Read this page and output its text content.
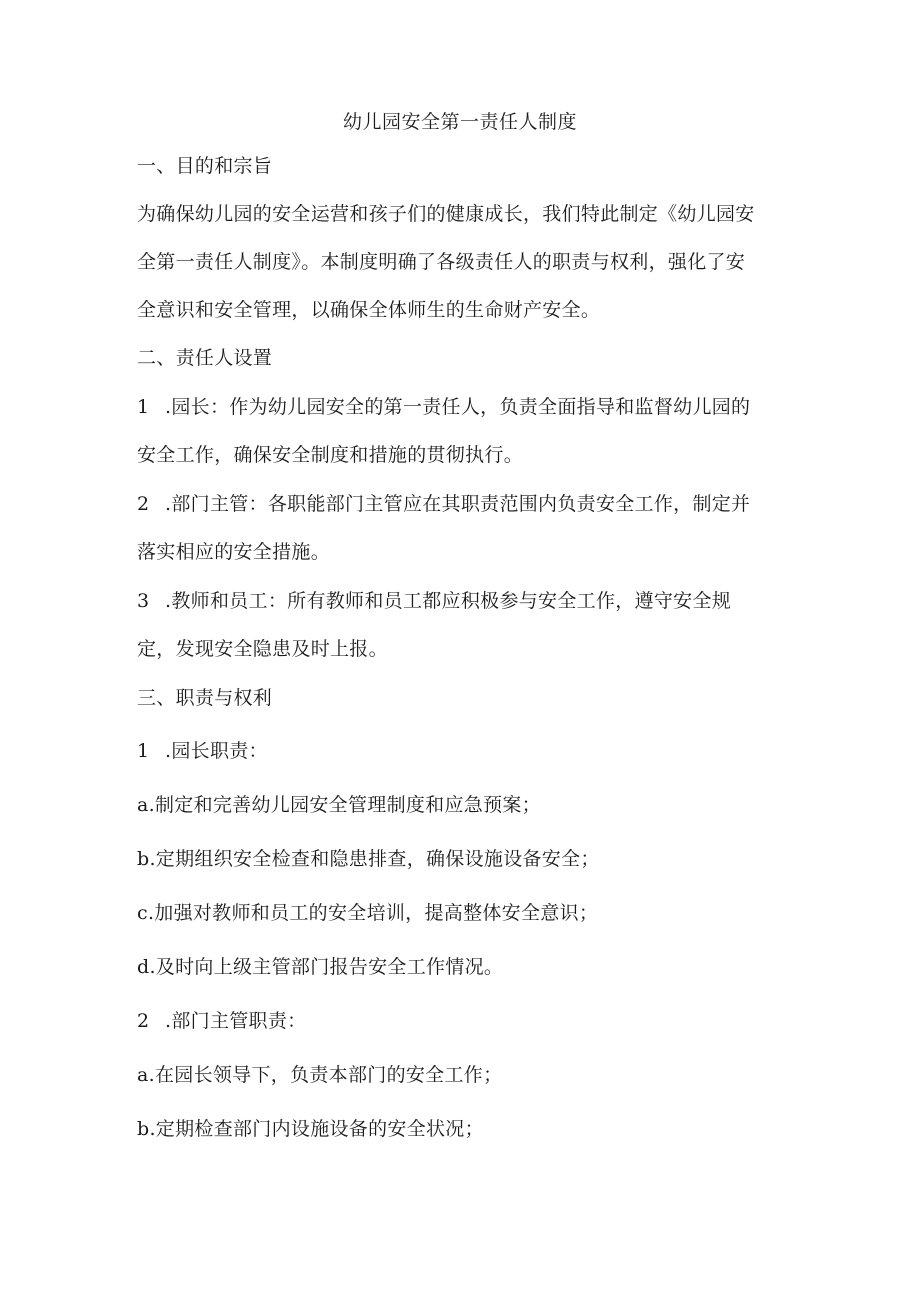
幼儿园安全第一责任人制度

一、目的和宗旨

为确保幼儿园的安全运营和孩子们的健康成长，我们特此制定《幼儿园安

全第一责任人制度》。本制度明确了各级责任人的职责与权利，强化了安

全意识和安全管理，以确保全体师生的生命财产安全。

二、责任人设置

1 .园长：作为幼儿园安全的第一责任人，负责全面指导和监督幼儿园的

安全工作，确保安全制度和措施的贯彻执行。

2 .部门主管：各职能部门主管应在其职责范围内负责安全工作，制定并

落实相应的安全措施。

3 .教师和员工：所有教师和员工都应积极参与安全工作，遵守安全规

定，发现安全隐患及时上报。

三、职责与权利

1 .园长职责：

a.制定和完善幼儿园安全管理制度和应急预案；

b.定期组织安全检查和隐患排查，确保设施设备安全；

c.加强对教师和员工的安全培训，提高整体安全意识；

d.及时向上级主管部门报告安全工作情况。

2 .部门主管职责：

a.在园长领导下，负责本部门的安全工作；

b.定期检查部门内设施设备的安全状况；
